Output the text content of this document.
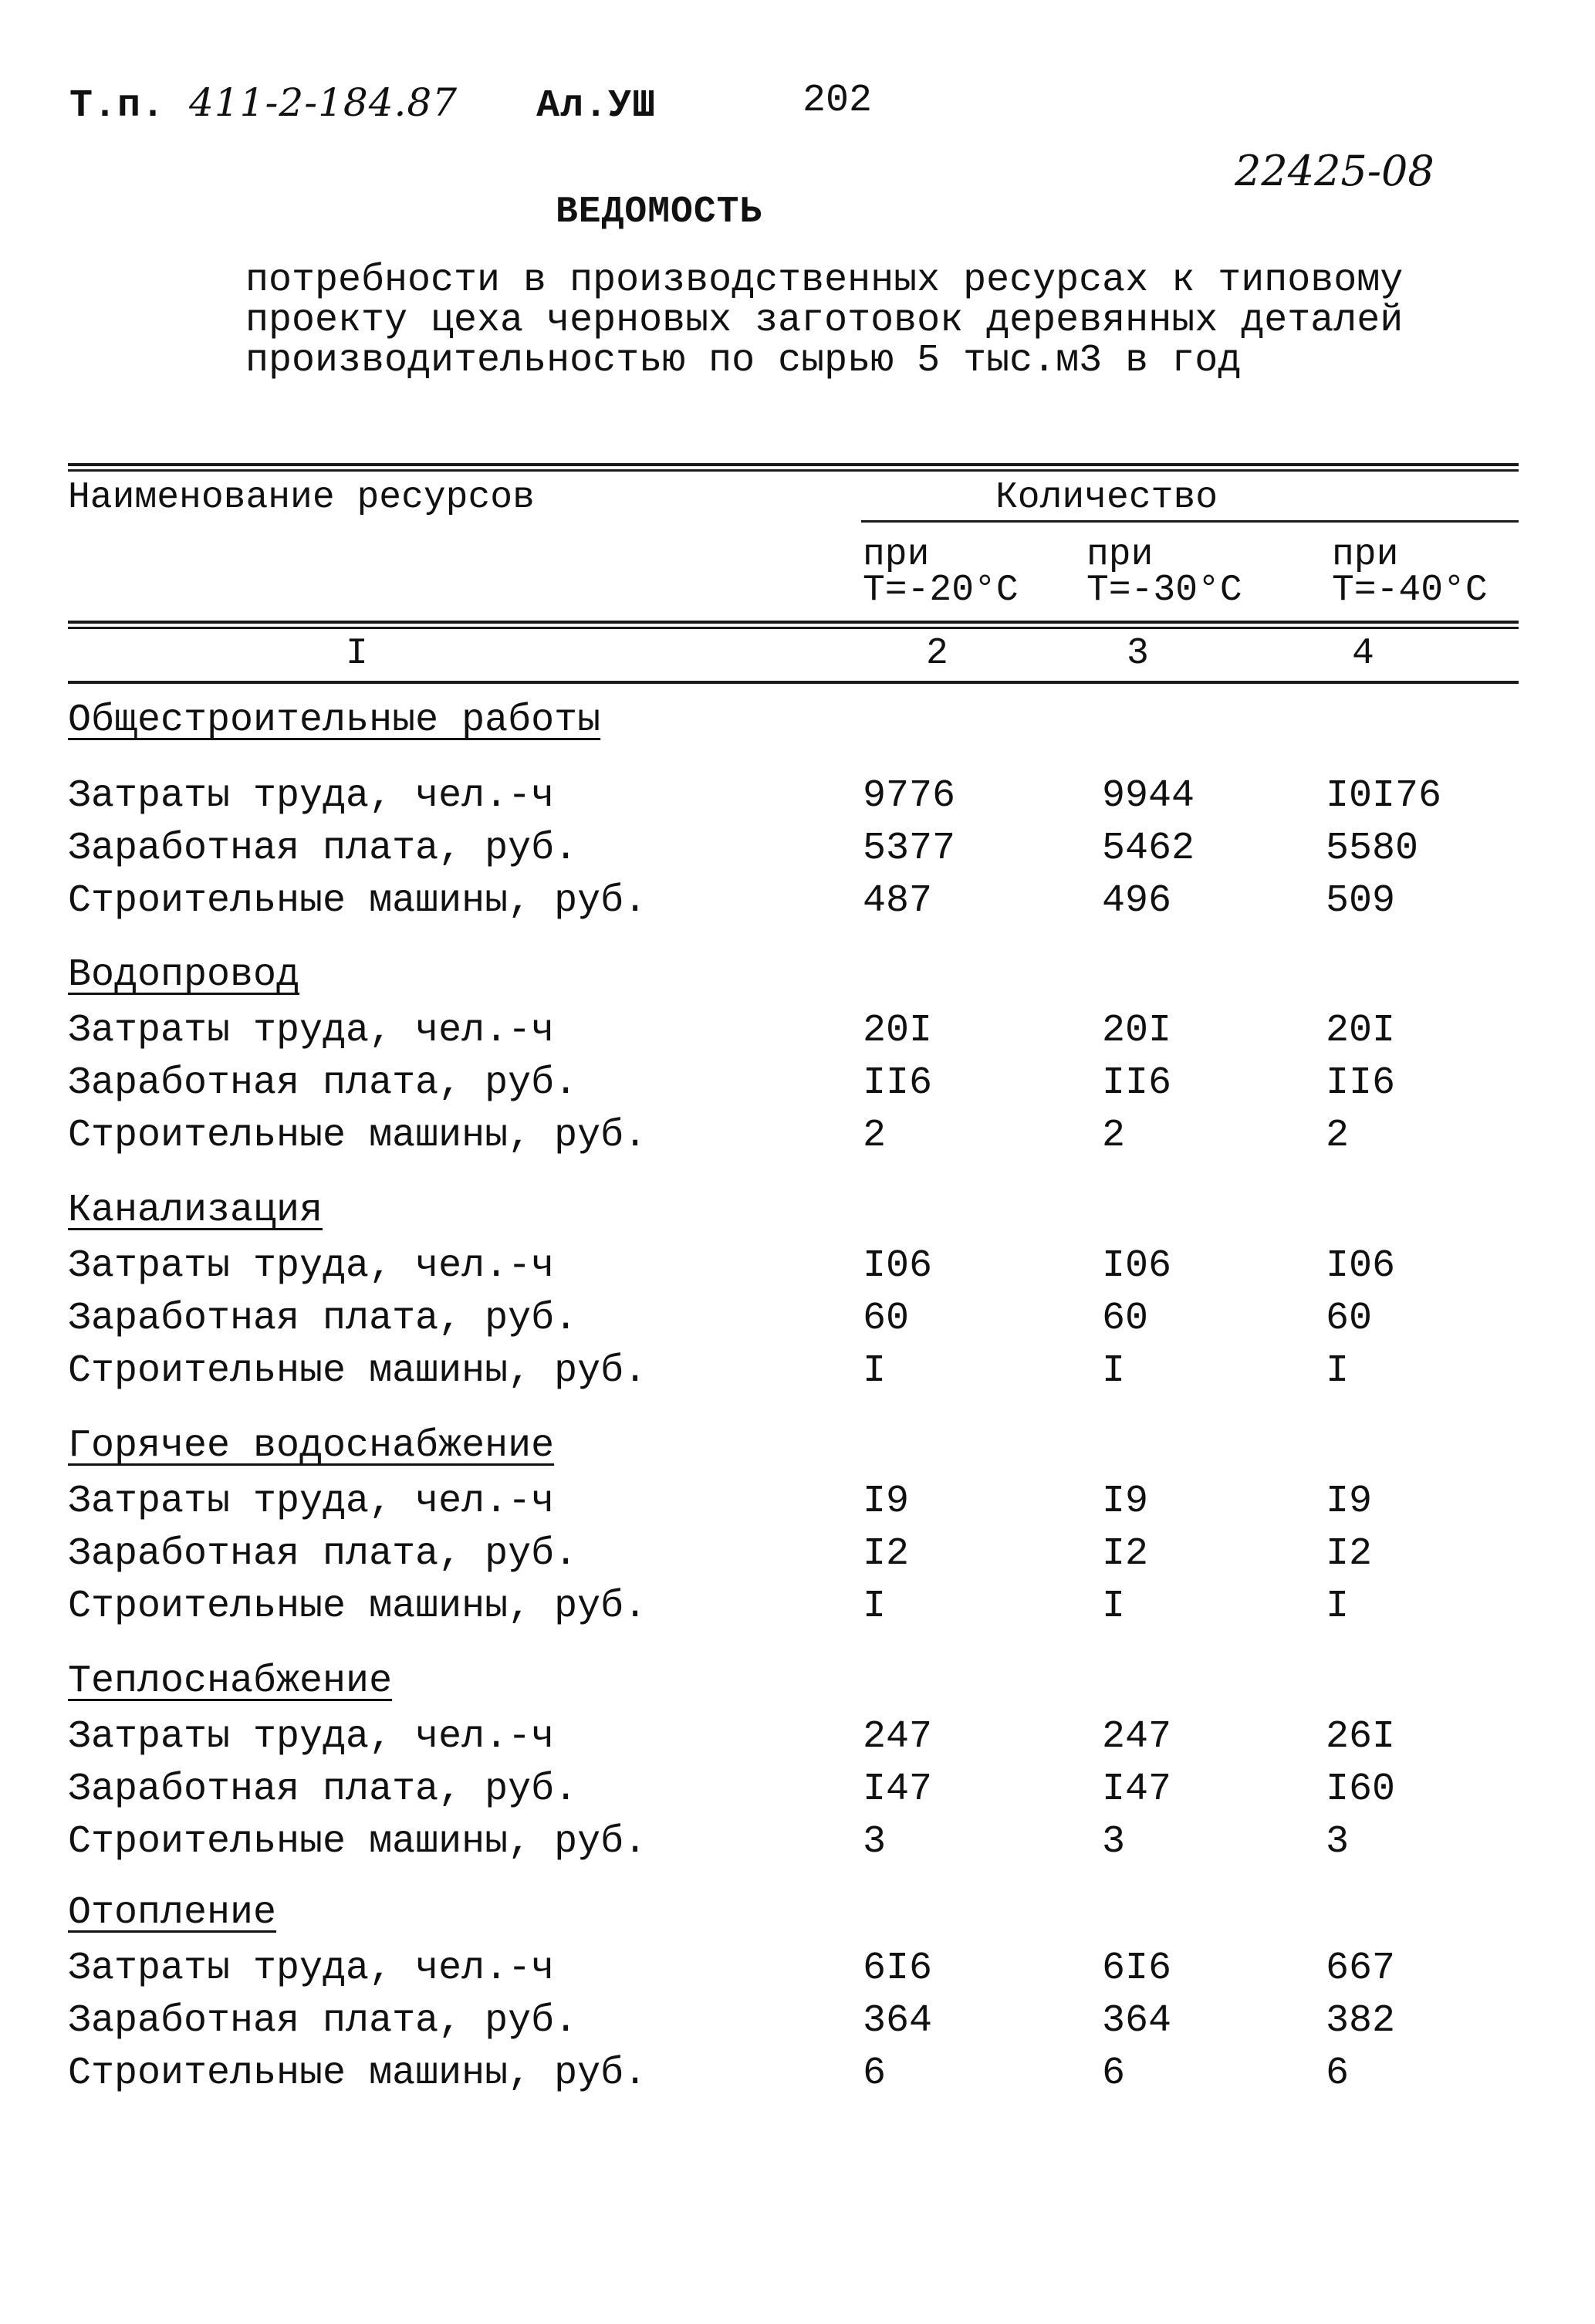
Т.п. 411-2-184.87 Ал.УШ	202
22425-08
ВЕДОМОСТЬ
потребности в производственных ресурсах к типовому
проекту цеха черновых заготовок деревянных деталей
производительностью по сырью 5 тыс.м3 в год
Наименование ресурсов	Количество
при
Т=-20°С
при
Т=-30°С
при
Т=-40°С
I	2	3	4
Общестроительные работы
Затраты труда, чел.-ч	9776	9944	I0I76
Заработная плата, руб.	5377	5462	5580
Строительные машины, руб.	487	496	509
Водопровод
Затраты труда, чел.-ч	20I	20I	20I
Заработная плата, руб.	II6	II6	II6
Строительные машины, руб.	2	2	2
Канализация
Затраты труда, чел.-ч	I06	I06	I06
Заработная плата, руб.	60	60	60
Строительные машины, руб.	I	I	I
Горячее водоснабжение
Затраты труда, чел.-ч	I9	I9	I9
Заработная плата, руб.	I2	I2	I2
Строительные машины, руб.	I	I	I
Теплоснабжение
Затраты труда, чел.-ч	247	247	26I
Заработная плата, руб.	I47	I47	I60
Строительные машины, руб.	3	3	3
Отопление
Затраты труда, чел.-ч	6I6	6I6	667
Заработная плата, руб.	364	364	382
Строительные машины, руб.	6	6	6
